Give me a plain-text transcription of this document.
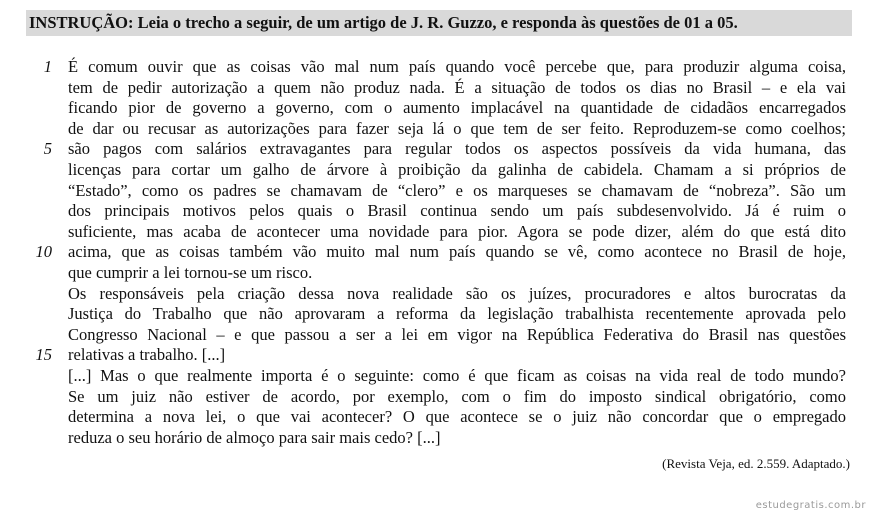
INSTRUÇÃO: Leia o trecho a seguir, de um artigo de J. R. Guzzo, e responda às questões de 01 a 05.
1 É comum ouvir que as coisas vão mal num país quando você percebe que, para produzir alguma coisa,
tem de pedir autorização a quem não produz nada. É a situação de todos os dias no Brasil – e ela vai
ficando pior de governo a governo, com o aumento implacável na quantidade de cidadãos encarregados
de dar ou recusar as autorizações para fazer seja lá o que tem de ser feito. Reproduzem-se como coelhos;
5 são pagos com salários extravagantes para regular todos os aspectos possíveis da vida humana, das
licenças para cortar um galho de árvore à proibição da galinha de cabidela. Chamam a si próprios de
“Estado”, como os padres se chamavam de “clero” e os marqueses se chamavam de “nobreza”. São um
dos principais motivos pelos quais o Brasil continua sendo um país subdesenvolvido. Já é ruim o
suficiente, mas acaba de acontecer uma novidade para pior. Agora se pode dizer, além do que está dito
10 acima, que as coisas também vão muito mal num país quando se vê, como acontece no Brasil de hoje,
que cumprir a lei tornou-se um risco.
Os responsáveis pela criação dessa nova realidade são os juízes, procuradores e altos burocratas da
Justiça do Trabalho que não aprovaram a reforma da legislação trabalhista recentemente aprovada pelo
Congresso Nacional – e que passou a ser a lei em vigor na República Federativa do Brasil nas questões
15 relativas a trabalho. [...]
[...] Mas o que realmente importa é o seguinte: como é que ficam as coisas na vida real de todo mundo?
Se um juiz não estiver de acordo, por exemplo, com o fim do imposto sindical obrigatório, como
determina a nova lei, o que vai acontecer? O que acontece se o juiz não concordar que o empregado
reduza o seu horário de almoço para sair mais cedo? [...]
(Revista Veja, ed. 2.559. Adaptado.)
estudegratis.com.br
